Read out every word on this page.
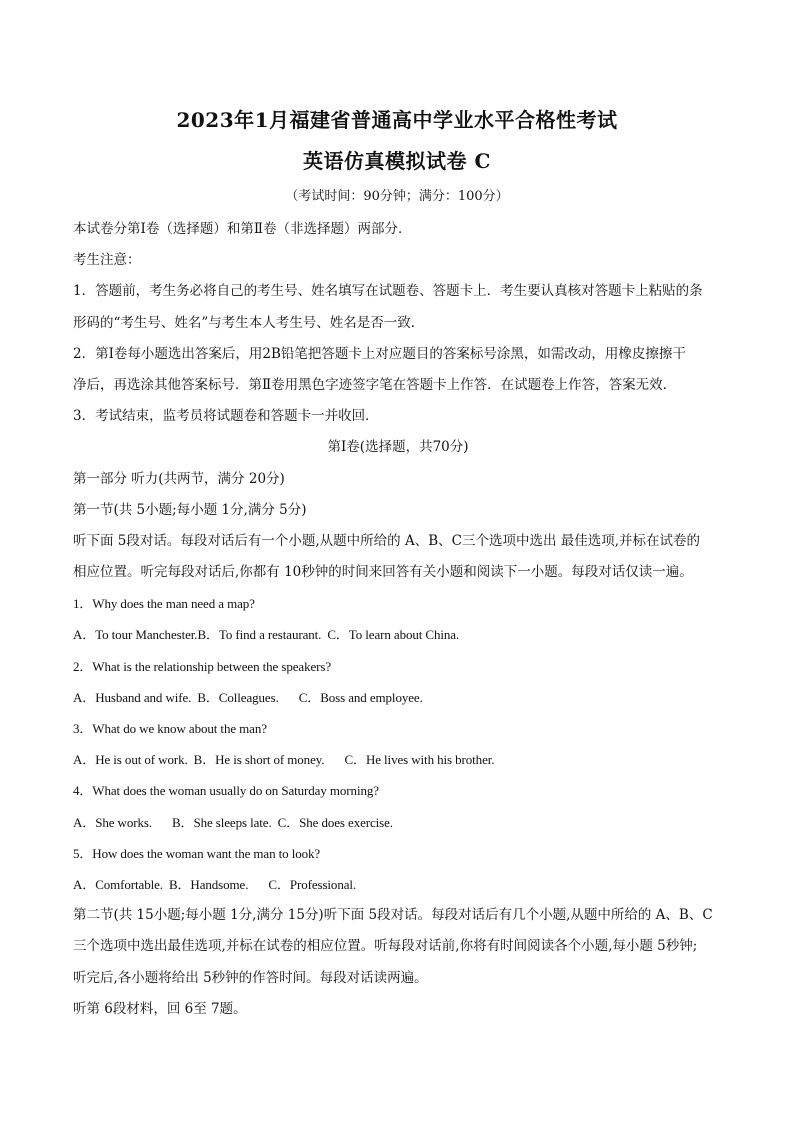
2023年1月福建省普通高中学业水平合格性考试
英语仿真模拟试卷 C
（考试时间：90分钟；满分：100分）
本试卷分第Ⅰ卷（选择题）和第Ⅱ卷（非选择题）两部分．
考生注意：
1．答题前，考生务必将自己的考生号、姓名填写在试题卷、答题卡上．考生要认真核对答题卡上粘贴的条
形码的“考生号、姓名”与考生本人考生号、姓名是否一致．
2．第Ⅰ卷每小题选出答案后，用2B铅笔把答题卡上对应题目的答案标号涂黑，如需改动，用橡皮擦擦干
净后，再选涂其他答案标号．第Ⅱ卷用黑色字迹签字笔在答题卡上作答．在试题卷上作答，答案无效．
3．考试结束，监考员将试题卷和答题卡一并收回．
第Ⅰ卷(选择题，共70分)
第一部分 听力(共两节，满分 20分)
第一节(共 5小题;每小题 1分,满分 5分)
听下面 5段对话。每段对话后有一个小题,从题中所给的 A、B、C三个选项中选出 最佳选项,并标在试卷的
相应位置。听完每段对话后,你都有 10秒钟的时间来回答有关小题和阅读下一小题。每段对话仅读一遍。
1．Why does the man need a map?
A．To tour Manchester.B．To find a restaurant. C．To learn about China.
2．What is the relationship between the speakers?
A．Husband and wife. B．Colleagues. C．Boss and employee.
3．What do we know about the man?
A．He is out of work. B．He is short of money. C．He lives with his brother.
4．What does the woman usually do on Saturday morning?
A．She works. B．She sleeps late. C．She does exercise.
5．How does the woman want the man to look?
A．Comfortable. B．Handsome. C．Professional.
第二节(共 15小题;每小题 1分,满分 15分)听下面 5段对话。每段对话后有几个小题,从题中所给的 A、B、C
三个选项中选出最佳选项,并标在试卷的相应位置。听每段对话前,你将有时间阅读各个小题,每小题 5秒钟;
听完后,各小题将给出 5秒钟的作答时间。每段对话读两遍。
听第 6段材料，回 6至 7题。
